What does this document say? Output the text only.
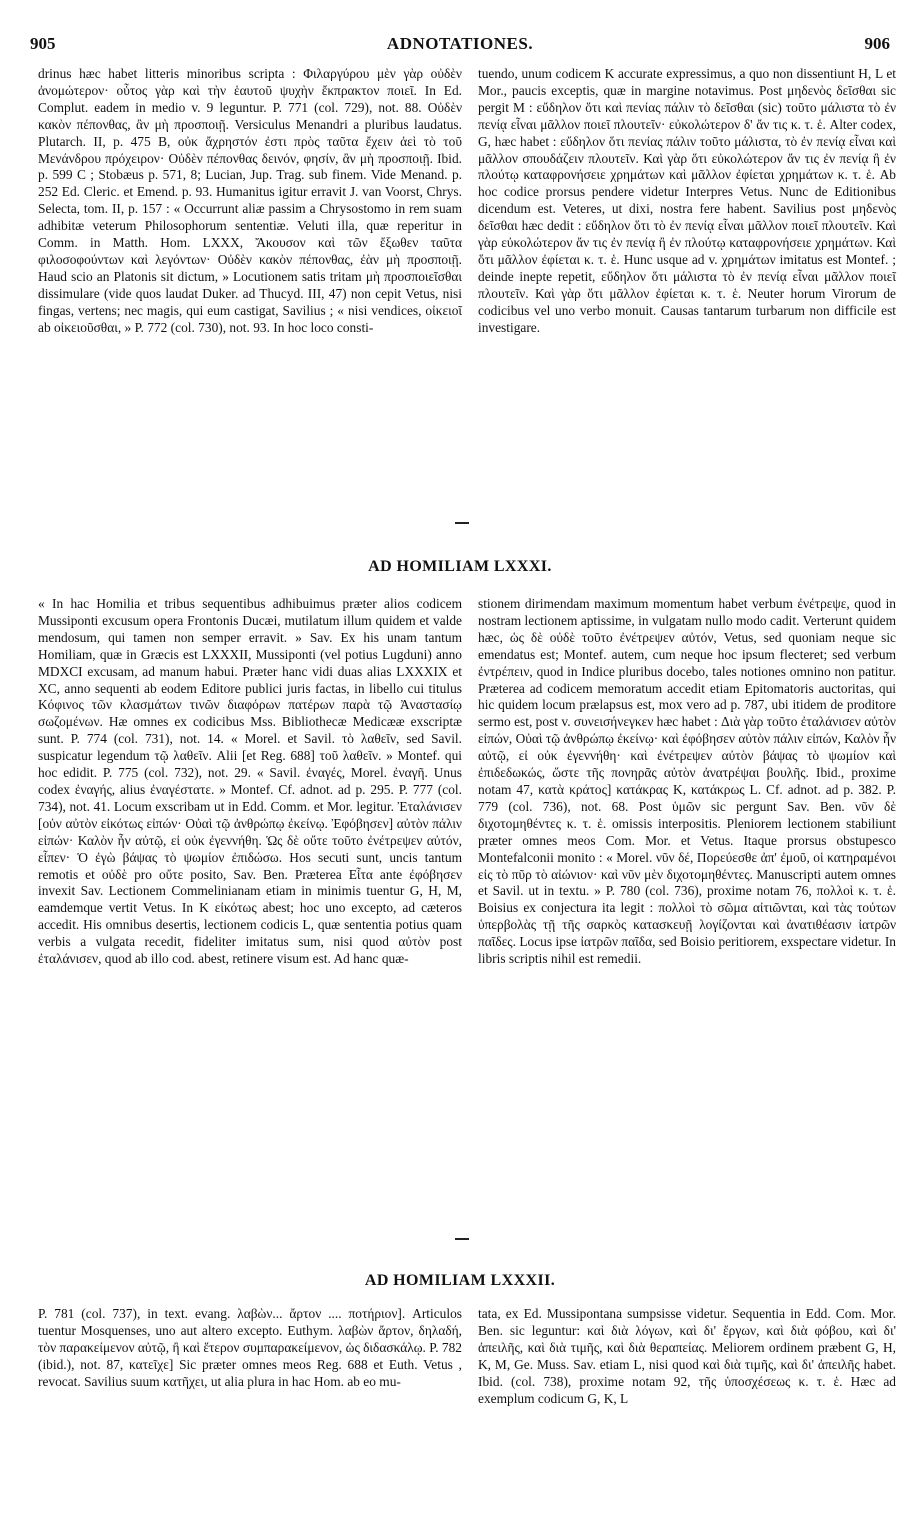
905	ADNOTATIONES.	906

drinus hæc habet litteris minoribus scripta : Φιλαργύρου μὲν γὰρ οὐδὲν ἀνομώτερον· οὗτος γὰρ καὶ τὴν ἑαυτοῦ ψυχὴν ἔκπρακτον ποιεῖ. In Ed. Complut. eadem in medio v. 9 leguntur. P. 771 (col. 729), not. 88. Οὐδὲν κακὸν πέπονθας, ἂν μὴ προσποιῇ. Versiculus Menandri a pluribus laudatus. Plutarch. II, p. 475 B, οὐκ ἄχρηστόν ἐστι πρὸς ταῦτα ἔχειν ἀεὶ τὸ τοῦ Μενάνδρου πρόχειρον· Οὐδὲν πέπονθας δεινόν, φησίν, ἂν μὴ προσποιῇ. Ibid. p. 599 C ; Stobæus p. 571, 8; Lucian, Jup. Trag. sub finem. Vide Menand. p. 252 Ed. Cleric. et Emend. p. 93. Humanitus igitur erravit J. van Voorst, Chrys. Selecta, tom. II, p. 157 : « Occurrunt aliæ passim a Chrysostomo in rem suam adhibitæ veterum Philosophorum sententiæ. Veluti illa, quæ reperitur in Comm. in Matth. Hom. LXXX, Ἄκουσον καὶ τῶν ἔξωθεν ταῦτα φιλοσοφούντων καὶ λεγόντων· Οὐδὲν κακὸν πέπονθας, ἐὰν μὴ προσποιῇ. Haud scio an Platonis sit dictum, » Locutionem satis tritam μὴ προσποιεῖσθαι dissimulare (vide quos laudat Duker. ad Thucyd. III, 47) non cepit Vetus, nisi fingas, vertens; nec magis, qui eum castigat, Savilius ; « nisi vendices, οἰκειοῖ ab οἰκειοῦσθαι, » P. 772 (col. 730), not. 93. In hoc loco consti-

tuendo, unum codicem K accurate expressimus, a quo non dissentiunt H, L et Mor., paucis exceptis, quæ in margine notavimus. Post μηδενὸς δεῖσθαι sic pergit M : εὔδηλον ὅτι καὶ πενίας πάλιν τὸ δεῖσθαι (sic) τοῦτο μάλιστα τὸ ἐν πενίᾳ εἶναι μᾶλλον ποιεῖ πλουτεῖν· εὐκολώτερον δ' ἄν τις κ. τ. ἑ. Alter codex, G, hæc habet : εὔδηλον ὅτι πενίας πάλιν τοῦτο μάλιστα, τὸ ἐν πενίᾳ εἶναι καὶ μᾶλλον σπουδάζειν πλουτεῖν. Καὶ γὰρ ὅτι εὐκολώτερον ἄν τις ἐν πενίᾳ ἢ ἐν πλούτῳ καταφρονήσειε χρημάτων καὶ μᾶλλον ἐφίεται χρημάτων κ. τ. ἑ. Ab hoc codice prorsus pendere videtur Interpres Vetus. Nunc de Editionibus dicendum est. Veteres, ut dixi, nostra fere habent. Savilius post μηδενὸς δεῖσθαι hæc dedit : εὔδηλον ὅτι τὸ ἐν πενίᾳ εἶναι μᾶλλον ποιεῖ πλουτεῖν. Καὶ γὰρ εὐκολώτερον ἄν τις ἐν πενίᾳ ἢ ἐν πλούτῳ καταφρονήσειε χρημάτων. Καὶ ὅτι μᾶλλον ἐφίεται κ. τ. ἑ. Hunc usque ad v. χρημάτων imitatus est Montef. ; deinde inepte repetit, εὔδηλον ὅτι μάλιστα τὸ ἐν πενίᾳ εἶναι μᾶλλον ποιεῖ πλουτεῖν. Καὶ γὰρ ὅτι μᾶλλον ἐφίεται κ. τ. ἑ. Neuter horum Virorum de codicibus vel uno verbo monuit. Causas tantarum turbarum non difficile est investigare.

AD HOMILIAM LXXXI.

« In hac Homilia et tribus sequentibus adhibuimus præter alios codicem Mussiponti excusum opera Frontonis Ducæi, mutilatum illum quidem et valde mendosum, qui tamen non semper erravit. » Sav. Ex his unam tantum Homiliam, quæ in Græcis est LXXXII, Mussiponti (vel potius Lugduni) anno MDXCI excusam, ad manum habui. Præter hanc vidi duas alias LXXXIX et XC, anno sequenti ab eodem Editore publici juris factas, in libello cui titulus Κόφινος τῶν κλασμάτων τινῶν διαφόρων πατέρων παρὰ τῷ Ἀναστασίῳ σωζομένων. Hæ omnes ex codicibus Mss. Bibliothecæ Medicææ exscriptæ sunt. P. 774 (col. 731), not. 14. « Morel. et Savil. τὸ λαθεῖν, sed Savil. suspicatur legendum τῷ λαθεῖν. Alii [et Reg. 688] τοῦ λαθεῖν. » Montef. qui hoc edidit. P. 775 (col. 732), not. 29. « Savil. ἐναγές, Morel. ἐναγῆ. Unus codex ἐναγής, alius ἐναγέστατε. » Montef. Cf. adnot. ad p. 295. P. 777 (col. 734), not. 41. Locum exscribam ut in Edd. Comm. et Mor. legitur. Ἐταλάνισεν [οὐν αὐτὸν εἰκότως εἰπών· Οὐαὶ τῷ ἀνθρώπῳ ἐκείνῳ. Ἐφόβησεν] αὐτὸν πάλιν εἰπών· Καλὸν ἦν αὐτῷ, εἰ οὐκ ἐγεννήθη. Ὡς δὲ οὔτε τοῦτο ἐνέτρεψεν αὐτόν, εἶπεν· Ὁ ἐγὼ βάψας τὸ ψωμίον ἐπιδώσω. Hos secuti sunt, uncis tantum remotis et οὐδὲ pro οὔτε posito, Sav. Ben. Præterea Εἶτα ante ἐφόβησεν invexit Sav. Lectionem Commelinianam etiam in minimis tuentur G, H, M, eamdemque vertit Vetus. In K εἰκότως abest; hoc uno excepto, ad cæteros accedit. His omnibus desertis, lectionem codicis L, quæ sententia potius quam verbis a vulgata recedit, fideliter imitatus sum, nisi quod αὐτὸν post ἐταλάνισεν, quod ab illo cod. abest, retinere visum est. Ad hanc quæ-

stionem dirimendam maximum momentum habet verbum ἐνέτρεψε, quod in nostram lectionem aptissime, in vulgatam nullo modo cadit. Verterunt quidem hæc, ὡς δὲ οὐδὲ τοῦτο ἐνέτρεψεν αὐτόν, Vetus, sed quoniam neque sic emendatus est; Montef. autem, cum neque hoc ipsum flecteret; sed verbum ἐντρέπειν, quod in Indice pluribus docebo, tales notiones omnino non patitur. Præterea ad codicem memoratum accedit etiam Epitomatoris auctoritas, qui hic quidem locum prælapsus est, mox vero ad p. 787, ubi itidem de proditore sermo est, post v. συνεισήνεγκεν hæc habet : Διὰ γὰρ τοῦτο ἐταλάνισεν αὐτὸν εἰπών, Οὐαὶ τῷ ἀνθρώπῳ ἐκείνῳ· καὶ ἐφόβησεν αὐτὸν πάλιν εἰπών, Καλὸν ἦν αὐτῷ, εἰ οὐκ ἐγεννήθη· καὶ ἐνέτρεψεν αὐτὸν βάψας τὸ ψωμίον καὶ ἐπιδεδωκώς, ὥστε τῆς πονηρᾶς αὐτὸν ἀνατρέψαι βουλῆς. Ibid., proxime notam 47, κατὰ κράτος] κατάκρας K, κατάκρως L. Cf. adnot. ad p. 382. P. 779 (col. 736), not. 68. Post ὑμῶν sic pergunt Sav. Ben. νῦν δὲ διχοτομηθέντες κ. τ. ἑ. omissis interpositis. Pleniorem lectionem stabiliunt præter omnes meos Com. Mor. et Vetus. Itaque prorsus obstupesco Montefalconii monito : « Morel. νῦν δέ, Πορεύεσθε ἀπ' ἐμοῦ, οἱ κατηραμένοι εἰς τὸ πῦρ τὸ αἰώνιον· καὶ νῦν μὲν διχοτομηθέντες. Manuscripti autem omnes et Savil. ut in textu. » P. 780 (col. 736), proxime notam 76, πολλοὶ κ. τ. ἑ. Boisius ex conjectura ita legit : πολλοὶ τὸ σῶμα αἰτιῶνται, καὶ τὰς τούτων ὑπερβολὰς τῇ τῆς σαρκὸς κατασκευῇ λογίζονται καὶ ἀνατιθέασιν ἰατρῶν παῖδες. Locus ipse ἰατρῶν παῖδα, sed Boisio peritiorem, exspectare videtur. In libris scriptis nihil est remedii.

AD HOMILIAM LXXXII.

P. 781 (col. 737), in text. evang. λαβὼν... ἄρτον .... ποτήριον]. Articulos tuentur Mosquenses, uno aut altero excepto. Euthym. λαβὼν ἄρτον, δηλαδή, τὸν παρακείμενον αὐτῷ, ἢ καὶ ἕτερον συμπαρακείμενον, ὡς διδασκάλῳ. P. 782 (ibid.), not. 87, κατεῖχε] Sic præter omnes meos Reg. 688 et Euth. Vetus , revocat. Savilius suum κατῆχει, ut alia plura in hac Hom. ab eo mu-

tata, ex Ed. Mussipontana sumpsisse videtur. Sequentia in Edd. Com. Mor. Ben. sic leguntur: καὶ διὰ λόγων, καὶ δι' ἔργων, καὶ διὰ φόβου, καὶ δι' ἀπειλῆς, καὶ διὰ τιμῆς, καὶ διὰ θεραπείας. Meliorem ordinem præbent G, H, K, M, Ge. Muss. Sav. etiam L, nisi quod καὶ διὰ τιμῆς, καὶ δι' ἀπειλῆς habet. Ibid. (col. 738), proxime notam 92, τῆς ὑποσχέσεως κ. τ. ἑ. Hæc ad exemplum codicum G, K, L
